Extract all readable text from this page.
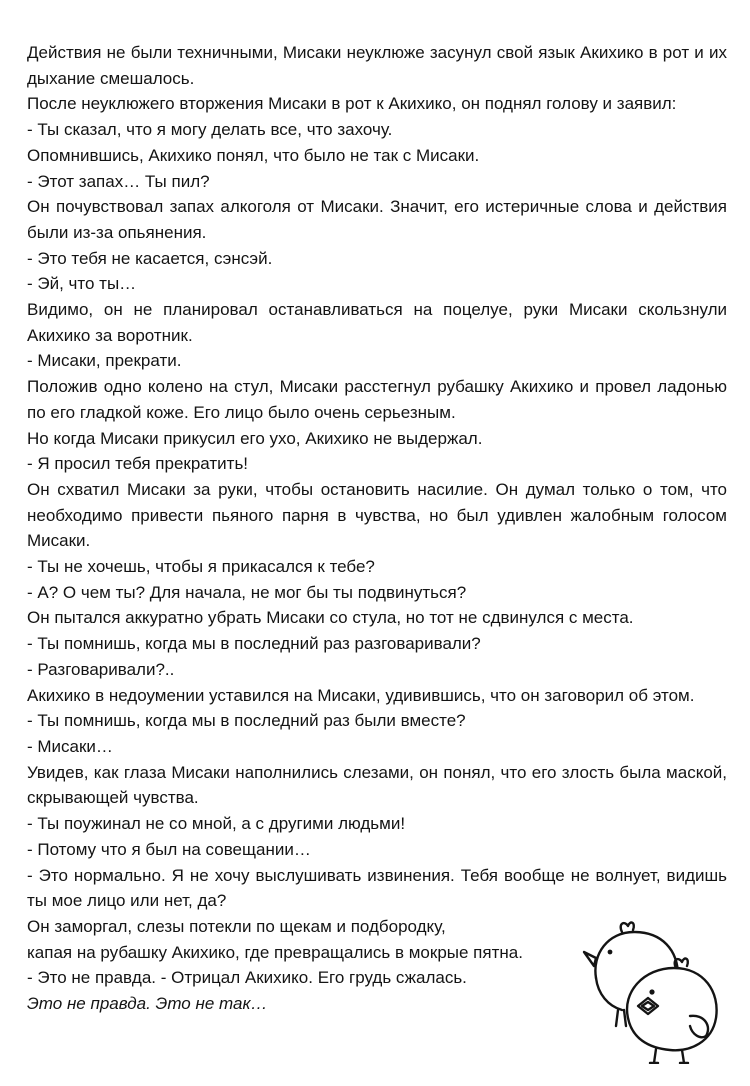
Действия не были техничными, Мисаки неуклюже засунул свой язык Акихико в рот и их дыхание смешалось.

После неуклюжего вторжения Мисаки в рот к Акихико, он поднял голову и заявил:

- Ты сказал, что я могу делать все, что захочу.

Опомнившись, Акихико понял, что было не так с Мисаки.

- Этот запах… Ты пил?

Он почувствовал запах алкоголя от Мисаки. Значит, его истеричные слова и действия были из-за опьянения.

- Это тебя не касается, сэнсэй.

- Эй, что ты…

Видимо, он не планировал останавливаться на поцелуе, руки Мисаки скользнули Акихико за воротник.

- Мисаки, прекрати.

Положив одно колено на стул, Мисаки расстегнул рубашку Акихико и провел ладонью по его гладкой коже. Его лицо было очень серьезным.

Но когда Мисаки прикусил его ухо, Акихико не выдержал.

- Я просил тебя прекратить!

Он схватил Мисаки за руки, чтобы остановить насилие. Он думал только о том, что необходимо привести пьяного парня в чувства, но был удивлен жалобным голосом Мисаки.

- Ты не хочешь, чтобы я прикасался к тебе?

- А? О чем ты? Для начала, не мог бы ты подвинуться?

Он пытался аккуратно убрать Мисаки со стула, но тот не сдвинулся с места.

- Ты помнишь, когда мы в последний раз разговаривали?

- Разговаривали?..

Акихико в недоумении уставился на Мисаки, удивившись, что он заговорил об этом.

- Ты помнишь, когда мы в последний раз были вместе?

- Мисаки…

Увидев, как глаза Мисаки наполнились слезами, он понял, что его злость была маской, скрывающей чувства.

- Ты поужинал не со мной, а с другими людьми!

- Потому что я был на совещании…

- Это нормально. Я не хочу выслушивать извинения. Тебя вообще не волнует, видишь ты мое лицо или нет, да?

Он заморгал, слезы потекли по щекам и подбородку,

капая на рубашку Акихико, где превращались в мокрые пятна.

- Это не правда. - Отрицал Акихико. Его грудь сжалась.

Это не правда. Это не так…
